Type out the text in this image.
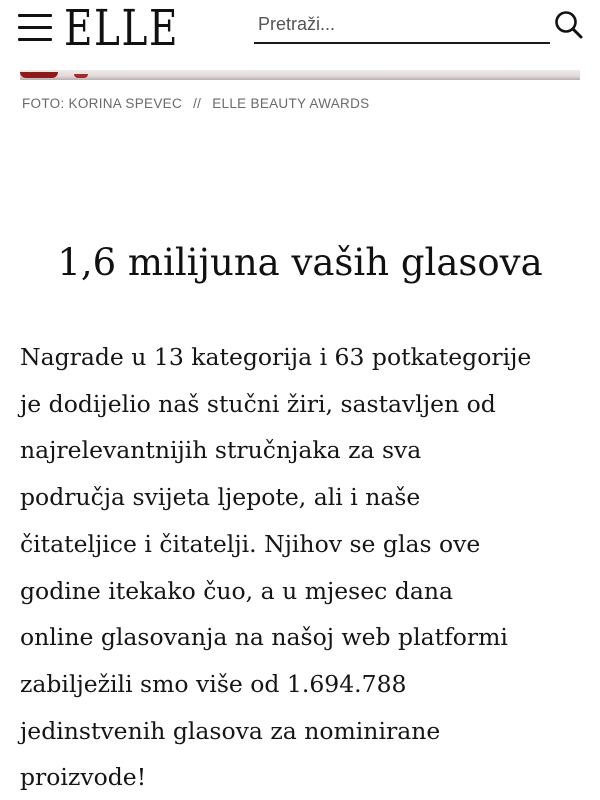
ELLE
Pretraži...
FOTO: KORINA SPEVEC // ELLE BEAUTY AWARDS
1,6 milijuna vaših glasova
Nagrade u 13 kategorija i 63 potkategorije
je dodijelio naš stučni žiri, sastavljen od
najrelevantnijih stručnjaka za sva
područja svijeta ljepote, ali i naše
čitateljice i čitatelji. Njihov se glas ove
godine itekako čuo, a u mjesec dana
online glasovanja na našoj web platformi
zabilježili smo više od 1.694.788
jedinstvenih glasova za nominirane
proizvode!
